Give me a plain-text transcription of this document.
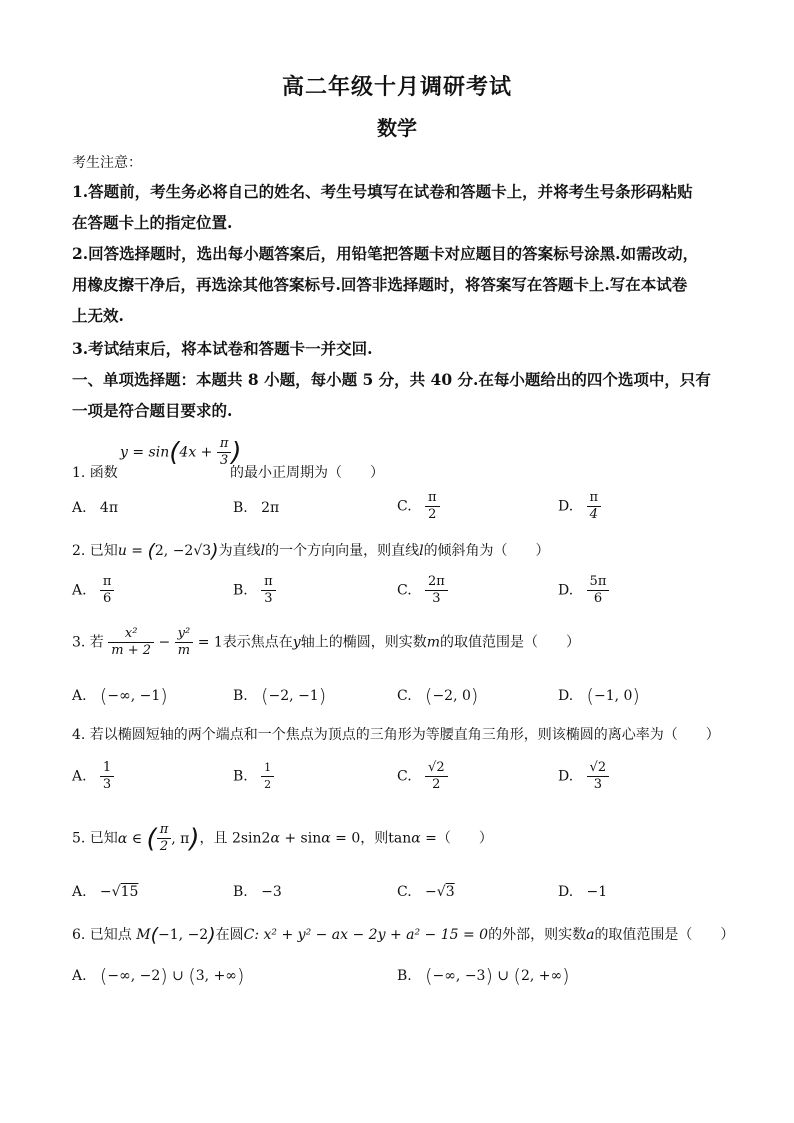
高二年级十月调研考试
数学
考生注意：
1.答题前，考生务必将自己的姓名、考生号填写在试卷和答题卡上，并将考生号条形码粘贴
在答题卡上的指定位置.
2.回答选择题时，选出每小题答案后，用铅笔把答题卡对应题目的答案标号涂黑.如需改动，
用橡皮擦干净后，再选涂其他答案标号.回答非选择题时，将答案写在答题卡上.写在本试卷
上无效.
3.考试结束后，将本试卷和答题卡一并交回.
一、单项选择题：本题共 8 小题，每小题 5 分，共 40 分.在每小题给出的四个选项中，只有
一项是符合题目要求的.
1. 函数
$y = \sin(4x + \frac{\pi}{3}$ )
的最小正周期为（　　）
A.   4π	B.   2π	C. $\frac{\pi}{2}$	D. $\frac{\pi}{4}$
2. 已知u = (2, −2√3)为直线l的一个方向向量，则直线l的倾斜角为（　　）
A. $\frac{\pi}{6}$	B. $\frac{\pi}{3}$	C. $\frac{2\pi}{3}$	D. $\frac{5\pi}{6}$
3. 若 $\frac{\text{x²}}{m + 2} - \frac{\text{y²}}{m} = 1$表示焦点在y轴上的椭圆，则实数m的取值范围是（　　）
A. (−∞, −1)	B. (−2, −1)	C. (−2, 0)	D. (−1, 0)
4. 若以椭圆短轴的两个端点和一个焦点为顶点的三角形为等腰直角三角形，则该椭圆的离心率为（　　）
A. $\frac{1}{3}$	B. $\frac{1}{2}$	C. $\frac{√2}{2}$	D. $\frac{√2}{3}$
5. 已知α ∈ ( $\frac{\pi}{2}$ , π)，且 2sin2α + sinα = 0，则tanα =（　　）
A.   −√15	B.   −3	C.   −√3	D.   −1
6. 已知点 M(−1, −2)在圆C: x² + y² − ax − 2y + a² − 15 = 0的外部，则实数a的取值范围是（　　）
A. (−∞, −2) ∪ (3, +∞)	B. (−∞, −3) ∪ (2, +∞)
